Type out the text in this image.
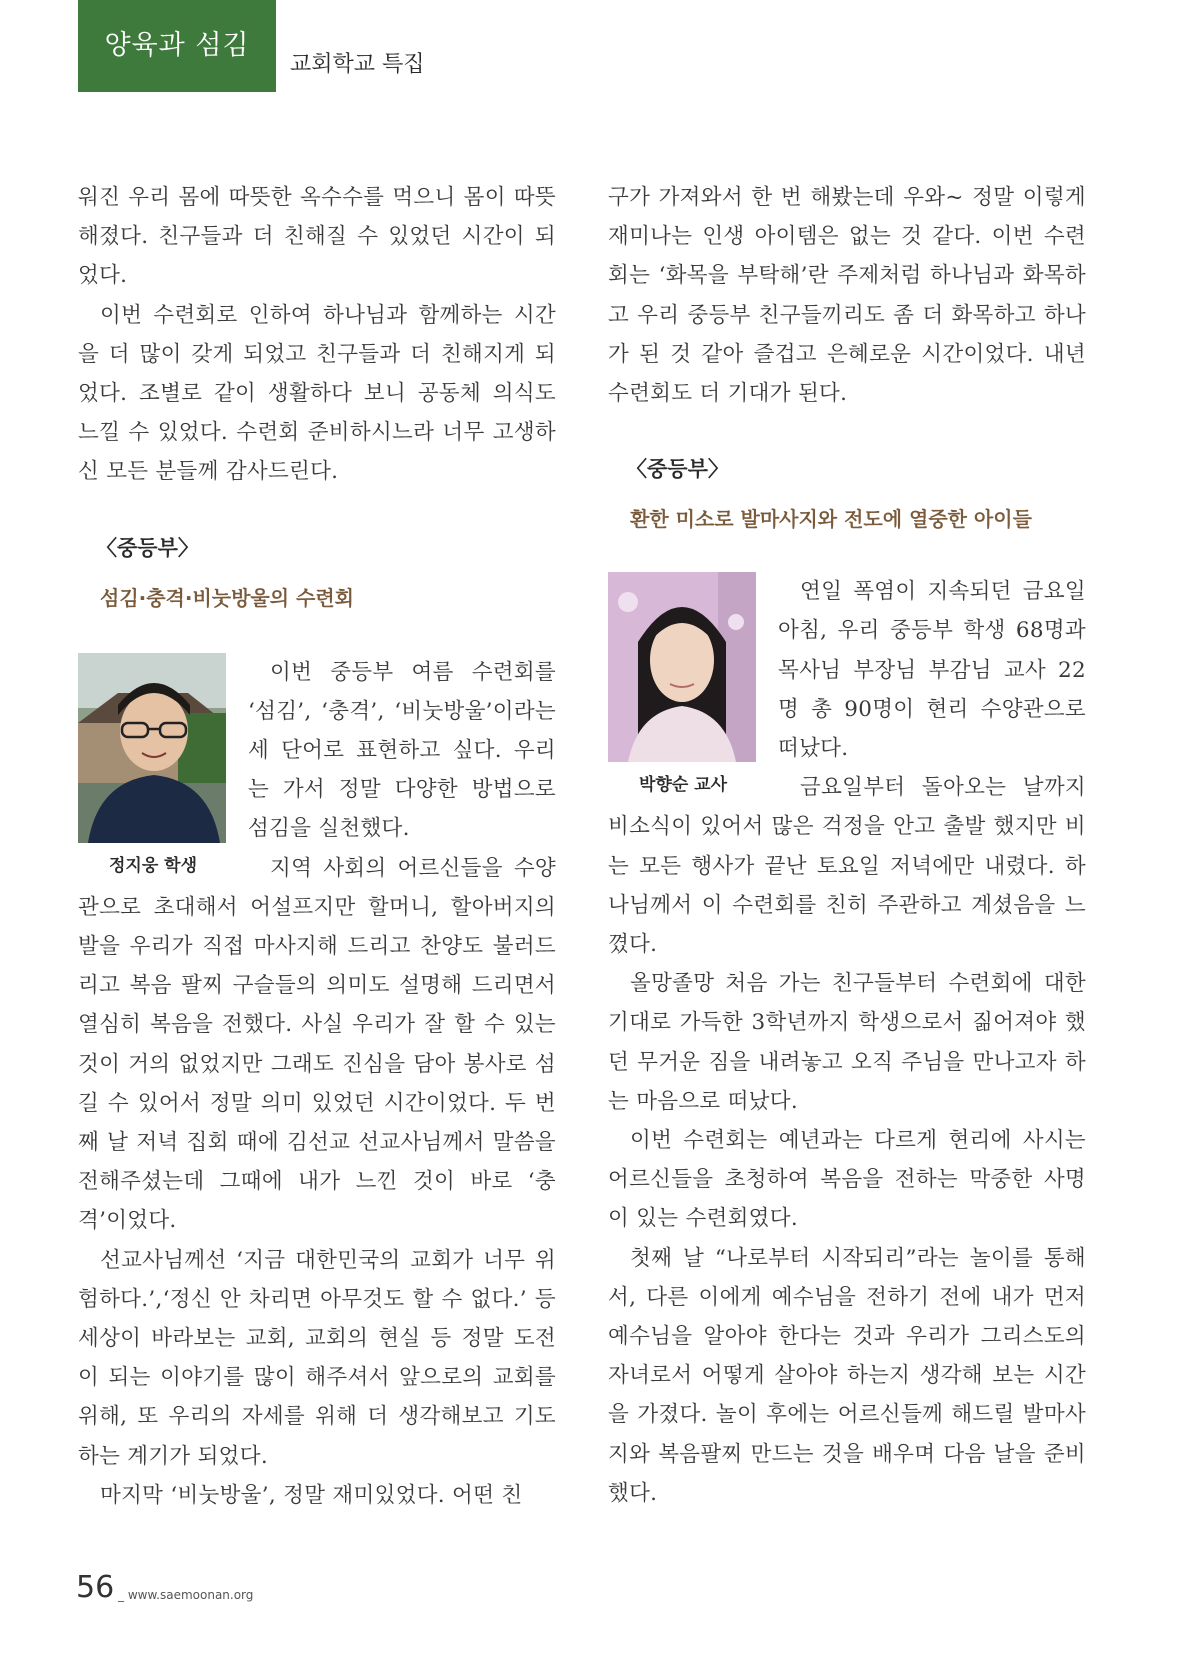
양육과 섬김
교회학교 특집

워진 우리 몸에 따뜻한 옥수수를 먹으니 몸이 따뜻해졌다. 친구들과 더 친해질 수 있었던 시간이 되었다.

이번 수련회로 인하여 하나님과 함께하는 시간을 더 많이 갖게 되었고 친구들과 더 친해지게 되었다. 조별로 같이 생활하다 보니 공동체 의식도 느낄 수 있었다. 수련회 준비하시느라 너무 고생하신 모든 분들께 감사드린다.

〈중등부〉

섬김·충격·비눗방울의 수련회

정지웅 학생

이번 중등부 여름 수련회를 ‘섬김’, ‘충격’, ‘비눗방울’이라는 세 단어로 표현하고 싶다. 우리는 가서 정말 다양한 방법으로 섬김을 실천했다.

지역 사회의 어르신들을 수양관으로 초대해서 어설프지만 할머니, 할아버지의 발을 우리가 직접 마사지해 드리고 찬양도 불러드리고 복음 팔찌 구슬들의 의미도 설명해 드리면서 열심히 복음을 전했다. 사실 우리가 잘 할 수 있는 것이 거의 없었지만 그래도 진심을 담아 봉사로 섬길 수 있어서 정말 의미 있었던 시간이었다. 두 번째 날 저녁 집회 때에 김선교 선교사님께서 말씀을 전해주셨는데 그때에 내가 느낀 것이 바로 ‘충격’이었다.

선교사님께선 ‘지금 대한민국의 교회가 너무 위험하다.’,‘정신 안 차리면 아무것도 할 수 없다.’ 등 세상이 바라보는 교회, 교회의 현실 등 정말 도전이 되는 이야기를 많이 해주셔서 앞으로의 교회를 위해, 또 우리의 자세를 위해 더 생각해보고 기도하는 계기가 되었다.

마지막 ‘비눗방울’, 정말 재미있었다. 어떤 친

구가 가져와서 한 번 해봤는데 우와~ 정말 이렇게 재미나는 인생 아이템은 없는 것 같다. 이번 수련회는 ‘화목을 부탁해’란 주제처럼 하나님과 화목하고 우리 중등부 친구들끼리도 좀 더 화목하고 하나가 된 것 같아 즐겁고 은혜로운 시간이었다. 내년 수련회도 더 기대가 된다.

〈중등부〉

환한 미소로 발마사지와 전도에 열중한 아이들

박향순 교사

연일 폭염이 지속되던 금요일 아침, 우리 중등부 학생 68명과 목사님 부장님 부감님 교사 22명 총 90명이 현리 수양관으로 떠났다.

금요일부터 돌아오는 날까지 비소식이 있어서 많은 걱정을 안고 출발 했지만 비는 모든 행사가 끝난 토요일 저녁에만 내렸다. 하나님께서 이 수련회를 친히 주관하고 계셨음을 느꼈다.

올망졸망 처음 가는 친구들부터 수련회에 대한 기대로 가득한 3학년까지 학생으로서 짊어져야 했던 무거운 짐을 내려놓고 오직 주님을 만나고자 하는 마음으로 떠났다.

이번 수련회는 예년과는 다르게 현리에 사시는 어르신들을 초청하여 복음을 전하는 막중한 사명이 있는 수련회였다.

첫째 날 “나로부터 시작되리”라는 놀이를 통해서, 다른 이에게 예수님을 전하기 전에 내가 먼저 예수님을 알아야 한다는 것과 우리가 그리스도의 자녀로서 어떻게 살아야 하는지 생각해 보는 시간을 가졌다. 놀이 후에는 어르신들께 해드릴 발마사지와 복음팔찌 만드는 것을 배우며 다음 날을 준비했다.

56 _ www.saemoonan.org
